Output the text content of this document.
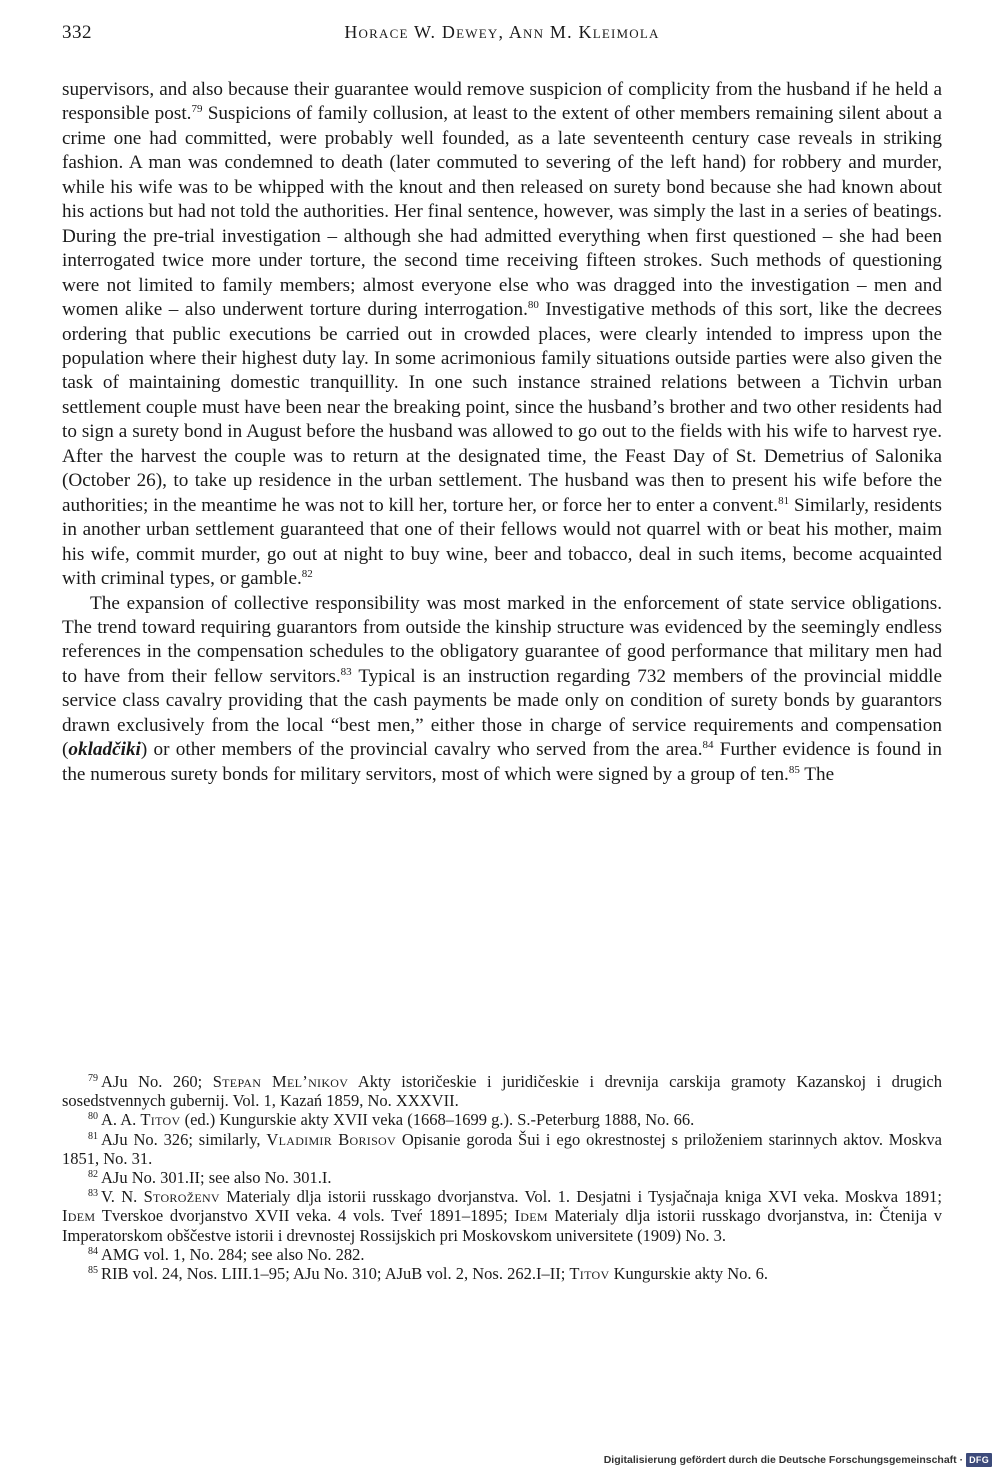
332	Horace W. Dewey, Ann M. Kleimola

supervisors, and also because their guarantee would remove suspicion of complicity from the husband if he held a responsible post.$^{79}$ Suspicions of family collusion, at least to the extent of other members remaining silent about a crime one had committed, were probably well founded, as a late seventeenth century case reveals in striking fashion. A man was condemned to death (later commuted to severing of the left hand) for robbery and murder, while his wife was to be whipped with the knout and then released on surety bond because she had known about his actions but had not told the authorities. Her final sentence, however, was simply the last in a series of beatings. During the pre-trial investigation – although she had admitted everything when first questioned – she had been interrogated twice more under torture, the second time receiving fifteen strokes. Such methods of questioning were not limited to family members; almost everyone else who was dragged into the investigation – men and women alike – also underwent torture during interrogation.$^{80}$ Investigative methods of this sort, like the decrees ordering that public executions be carried out in crowded places, were clearly intended to impress upon the population where their highest duty lay. In some acrimonious family situations outside parties were also given the task of maintaining domestic tranquillity. In one such instance strained relations between a Tichvin urban settlement couple must have been near the breaking point, since the husband’s brother and two other residents had to sign a surety bond in August before the husband was allowed to go out to the fields with his wife to harvest rye. After the harvest the couple was to return at the designated time, the Feast Day of St. Demetrius of Salonika (October 26), to take up residence in the urban settlement. The husband was then to present his wife before the authorities; in the meantime he was not to kill her, torture her, or force her to enter a convent.$^{81}$ Similarly, residents in another urban settlement guaranteed that one of their fellows would not quarrel with or beat his mother, maim his wife, commit murder, go out at night to buy wine, beer and tobacco, deal in such items, become acquainted with criminal types, or gamble.$^{82}$

The expansion of collective responsibility was most marked in the enforcement of state service obligations. The trend toward requiring guarantors from outside the kinship structure was evidenced by the seemingly endless references in the compensation schedules to the obligatory guarantee of good performance that military men had to have from their fellow servitors.$^{83}$ Typical is an instruction regarding 732 members of the provincial middle service class cavalry providing that the cash payments be made only on condition of surety bonds by guarantors drawn exclusively from the local “best men,” either those in charge of service requirements and compensation (okladčiki) or other members of the provincial cavalry who served from the area.$^{84}$ Further evidence is found in the numerous surety bonds for military servitors, most of which were signed by a group of ten.$^{85}$ The

$^{79}$ AJu No. 260; Stepan Mel’nikov Akty istoričeskie i juridičeskie i drevnija carskija gramoty Kazanskoj i drugich sosedstvennych gubernij. Vol. 1, Kazań 1859, No. XXXVII.

$^{80}$ A. A. Titov (ed.) Kungurskie akty XVII veka (1668–1699 g.). S.-Peterburg 1888, No. 66.

$^{81}$ AJu No. 326; similarly, Vladimir Borisov Opisanie goroda Šui i ego okrestnostej s priloženiem starinnych aktov. Moskva 1851, No. 31.

$^{82}$ AJu No. 301.II; see also No. 301.I.

$^{83}$ V. N. Storoženv Materialy dlja istorii russkago dvorjanstva. Vol. 1. Desjatni i Tysjačnaja kniga XVI veka. Moskva 1891; Idem Tverskoe dvorjanstvo XVII veka. 4 vols. Tveŕ 1891–1895; Idem Materialy dlja istorii russkago dvorjanstva, in: Čtenija v Imperatorskom obščestve istorii i drevnostej Rossijskich pri Moskovskom universitete (1909) No. 3.

$^{84}$ AMG vol. 1, No. 284; see also No. 282.

$^{85}$ RIB vol. 24, Nos. LIII.1–95; AJu No. 310; AJuB vol. 2, Nos. 262.I–II; Titov Kungurskie akty No. 6.

Digitalisierung gefördert durch die Deutsche Forschungsgemeinschaft · DFG
